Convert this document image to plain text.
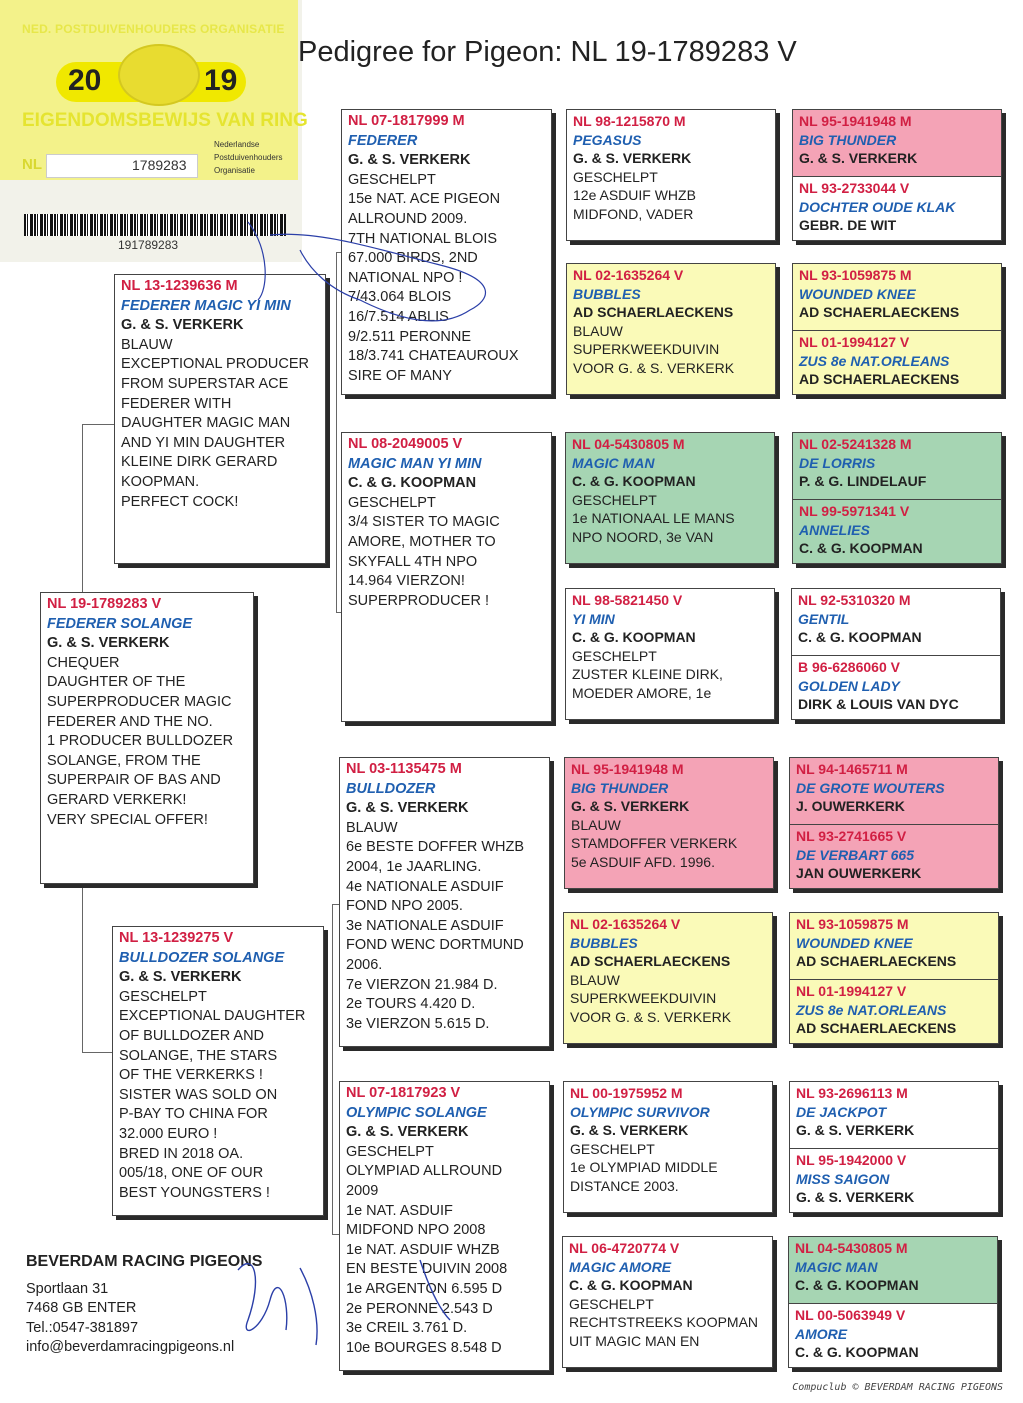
NED. POSTDUIVENHOUDERS ORGANISATIE
20	19
EIGENDOMSBEWIJS VAN RING
NL	1789283
Nederlandse
Postduivenhouders
Organisatie
191789283
Pedigree for Pigeon: NL 19-1789283 V
NL 19-1789283 V
FEDERER SOLANGE
G. & S. VERKERK
CHEQUER
DAUGHTER OF THE
SUPERPRODUCER MAGIC
FEDERER AND THE NO.
1 PRODUCER BULLDOZER
SOLANGE, FROM THE
SUPERPAIR OF BAS AND
GERARD VERKERK!
VERY SPECIAL OFFER!
NL 13-1239636 M
FEDERER MAGIC YI MIN
G. & S. VERKERK
BLAUW
EXCEPTIONAL PRODUCER
FROM SUPERSTAR ACE
FEDERER WITH
DAUGHTER MAGIC MAN
AND YI MIN DAUGHTER
KLEINE DIRK GERARD
KOOPMAN.
PERFECT COCK!
NL 13-1239275 V
BULLDOZER SOLANGE
G. & S. VERKERK
GESCHELPT
EXCEPTIONAL DAUGHTER
OF BULLDOZER AND
SOLANGE, THE STARS
OF THE VERKERKS !
SISTER WAS SOLD ON
P-BAY TO CHINA FOR
32.000 EURO !
BRED IN 2018 OA.
005/18, ONE OF OUR
BEST YOUNGSTERS !
NL 07-1817999 M
FEDERER
G. & S. VERKERK
GESCHELPT
15e NAT. ACE PIGEON
ALLROUND 2009.
7TH NATIONAL BLOIS
67.000 BIRDS, 2ND
NATIONAL NPO !
7/43.064 BLOIS
16/7.514 ABLIS
9/2.511 PERONNE
18/3.741 CHATEAUROUX
SIRE OF MANY
NL 08-2049005 V
MAGIC MAN YI MIN
C. & G. KOOPMAN
GESCHELPT
3/4 SISTER TO MAGIC
AMORE, MOTHER TO
SKYFALL 4TH NPO
14.964 VIERZON!
SUPERPRODUCER !
NL 03-1135475 M
BULLDOZER
G. & S. VERKERK
BLAUW
6e BESTE DOFFER WHZB
2004, 1e JAARLING.
4e NATIONALE ASDUIF
FOND NPO 2005.
3e NATIONALE ASDUIF
FOND WENC DORTMUND
2006.
7e VIERZON 21.984 D.
2e TOURS 4.420 D.
3e VIERZON 5.615 D.
NL 07-1817923 V
OLYMPIC SOLANGE
G. & S. VERKERK
GESCHELPT
OLYMPIAD ALLROUND
2009
1e NAT. ASDUIF
MIDFOND NPO 2008
1e NAT. ASDUIF WHZB
EN BESTE DUIVIN 2008
1e ARGENTON 6.595 D
2e PERONNE 2.543 D
3e CREIL 3.761 D.
10e BOURGES 8.548 D
NL 98-1215870 M
PEGASUS
G. & S. VERKERK
GESCHELPT
12e ASDUIF WHZB
MIDFOND, VADER
NL 02-1635264 V
BUBBLES
AD SCHAERLAECKENS
BLAUW
SUPERKWEEKDUIVIN
VOOR G. & S. VERKERK
NL 04-5430805 M
MAGIC MAN
C. & G. KOOPMAN
GESCHELPT
1e NATIONAAL LE MANS
NPO NOORD, 3e VAN
NL 98-5821450 V
YI MIN
C. & G. KOOPMAN
GESCHELPT
ZUSTER KLEINE DIRK,
MOEDER AMORE, 1e
NL 95-1941948 M
BIG THUNDER
G. & S. VERKERK
BLAUW
STAMDOFFER VERKERK
5e ASDUIF AFD. 1996.
NL 02-1635264 V
BUBBLES
AD SCHAERLAECKENS
BLAUW
SUPERKWEEKDUIVIN
VOOR G. & S. VERKERK
NL 00-1975952 M
OLYMPIC SURVIVOR
G. & S. VERKERK
GESCHELPT
1e OLYMPIAD MIDDLE
DISTANCE 2003.
NL 06-4720774 V
MAGIC AMORE
C. & G. KOOPMAN
GESCHELPT
RECHTSTREEKS KOOPMAN
UIT MAGIC MAN EN
NL 95-1941948 M
BIG THUNDER
G. & S. VERKERK
NL 93-2733044 V
DOCHTER OUDE KLAK
GEBR. DE WIT
NL 93-1059875 M
WOUNDED KNEE
AD SCHAERLAECKENS
NL 01-1994127 V
ZUS 8e NAT.ORLEANS
AD SCHAERLAECKENS
NL 02-5241328 M
DE LORRIS
P. & G. LINDELAUF
NL 99-5971341 V
ANNELIES
C. & G. KOOPMAN
NL 92-5310320 M
GENTIL
C. & G. KOOPMAN
B 96-6286060 V
GOLDEN LADY
DIRK & LOUIS VAN DYC
NL 94-1465711 M
DE GROTE WOUTERS
J. OUWERKERK
NL 93-2741665 V
DE VERBART 665
JAN OUWERKERK
NL 93-1059875 M
WOUNDED KNEE
AD SCHAERLAECKENS
NL 01-1994127 V
ZUS 8e NAT.ORLEANS
AD SCHAERLAECKENS
NL 93-2696113 M
DE JACKPOT
G. & S. VERKERK
NL 95-1942000 V
MISS SAIGON
G. & S. VERKERK
NL 04-5430805 M
MAGIC MAN
C. & G. KOOPMAN
NL 00-5063949 V
AMORE
C. & G. KOOPMAN
BEVERDAM RACING PIGEONS
Sportlaan 31
7468 GB ENTER
Tel.:0547-381897
info@beverdamracingpigeons.nl
Compuclub © BEVERDAM RACING PIGEONS
